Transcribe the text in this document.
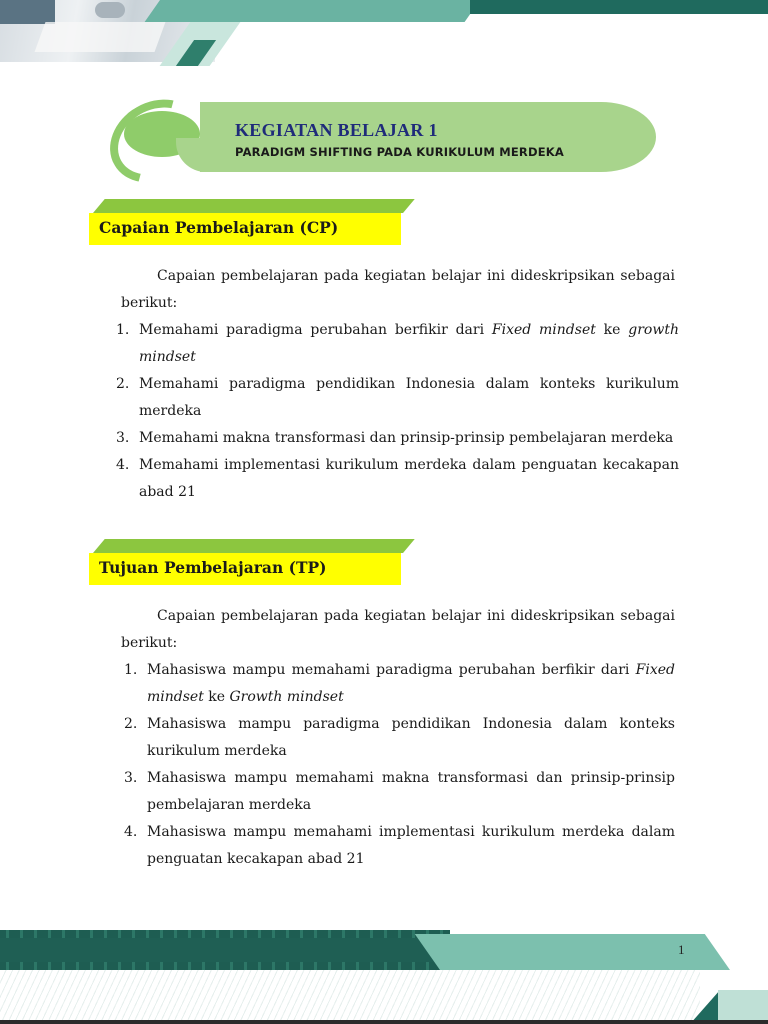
KEGIATAN BELAJAR 1
PARADIGM SHIFTING PADA KURIKULUM MERDEKA
Capaian Pembelajaran (CP)

Capaian pembelajaran pada kegiatan belajar ini dideskripsikan sebagai berikut:

1. Memahami paradigma perubahan berfikir dari Fixed mindset ke growth mindset
2. Memahami paradigma pendidikan Indonesia dalam konteks kurikulum merdeka
3. Memahami makna transformasi dan prinsip-prinsip pembelajaran merdeka
4. Memahami implementasi kurikulum merdeka dalam penguatan kecakapan abad 21
Tujuan Pembelajaran (TP)

Capaian pembelajaran pada kegiatan belajar ini dideskripsikan sebagai berikut:

1. Mahasiswa mampu memahami paradigma perubahan berfikir dari Fixed mindset ke Growth mindset
2. Mahasiswa mampu paradigma pendidikan Indonesia dalam konteks kurikulum merdeka
3. Mahasiswa mampu memahami makna transformasi dan prinsip-prinsip pembelajaran merdeka
4. Mahasiswa mampu memahami implementasi kurikulum merdeka dalam penguatan kecakapan abad 21
1
